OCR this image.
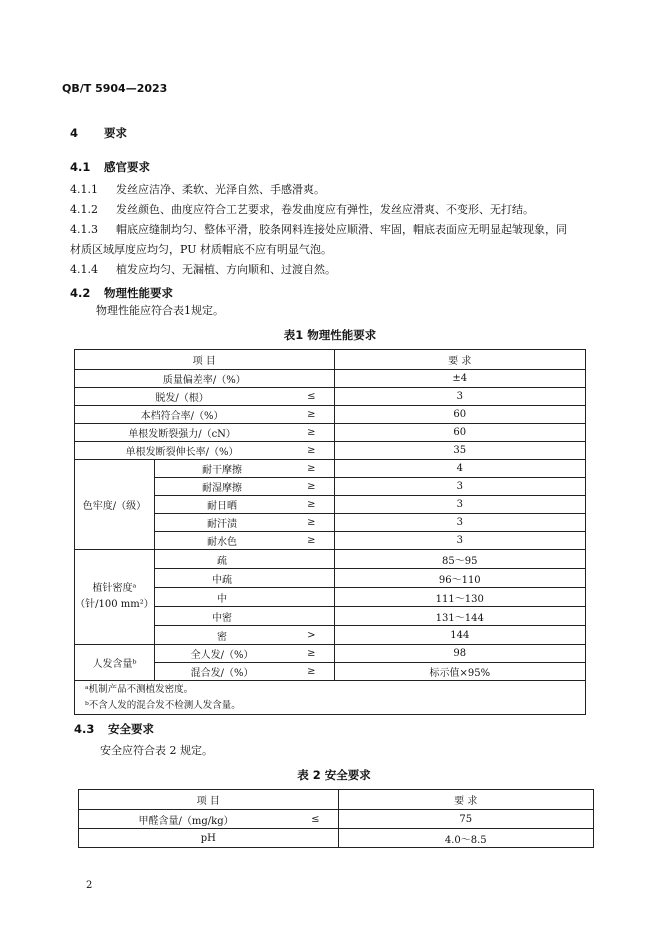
QB/T 5904—2023
4 要求
4.1 感官要求
4.1.1 发丝应洁净、柔软、光泽自然、手感滑爽。
4.1.2 发丝颜色、曲度应符合工艺要求，卷发曲度应有弹性，发丝应滑爽、不变形、无打结。
4.1.3 帽底应缝制均匀、整体平滑，胶条网料连接处应顺滑、牢固，帽底表面应无明显起皱现象，同
材质区域厚度应均匀，PU 材质帽底不应有明显气泡。
4.1.4 植发应均匀、无漏植、方向顺和、过渡自然。
4.2 物理性能要求
物理性能应符合表1规定。
表1 物理性能要求
项 目			要 求
质量偏差率/（%）			±4
脱发/（根）		≤	3
本档符合率/（%）		≥	60
单根发断裂强力/（cN）		≥	60
单根发断裂伸长率/（%）		≥	35
色牢度/（级）	耐干摩擦	≥	4
	耐湿摩擦	≥	3
	耐日晒	≥	3
	耐汗渍	≥	3
	耐水色	≥	3

植针密度ᵃ
（针/100 mm²）	疏		85～95
	中疏		96～110
	中		111～130
	中密		131～144
	密	>	144
人发含量ᵇ	全人发/（%）	≥	98
	混合发/（%）	≥	标示值×95%

ᵃ机制产品不测植发密度。
ᵇ不含人发的混合发不检测人发含量。			
4.3 安全要求
安全应符合表 2 规定。
表 2 安全要求
项 目		要 求
甲醛含量/（mg/kg）	≤	75
pH		4.0～8.5
2
